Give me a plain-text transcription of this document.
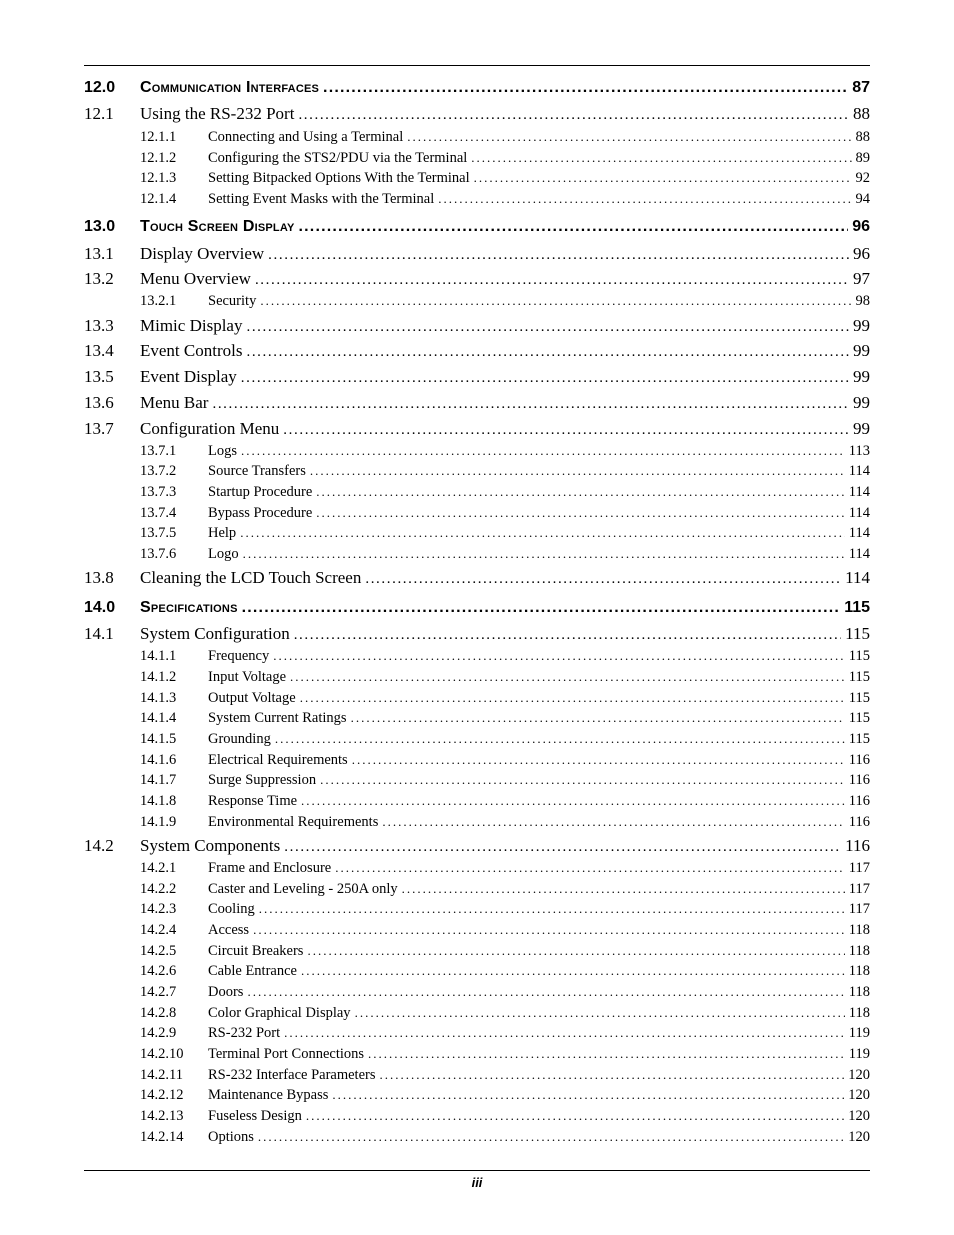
12.0	Communication Interfaces .....	87
12.1	Using the RS-232 Port .....	88
12.1.1	Connecting and Using a Terminal .....	88
12.1.2	Configuring the STS2/PDU via the Terminal .....	89
12.1.3	Setting Bitpacked Options With the Terminal .....	92
12.1.4	Setting Event Masks with the Terminal .....	94
13.0	Touch Screen Display .....	96
13.1	Display Overview .....	96
13.2	Menu Overview .....	97
13.2.1	Security .....	98
13.3	Mimic Display .....	99
13.4	Event Controls .....	99
13.5	Event Display .....	99
13.6	Menu Bar .....	99
13.7	Configuration Menu .....	99
13.7.1	Logs .....	113
13.7.2	Source Transfers .....	114
13.7.3	Startup Procedure .....	114
13.7.4	Bypass Procedure .....	114
13.7.5	Help .....	114
13.7.6	Logo .....	114
13.8	Cleaning the LCD Touch Screen .....	114
14.0	Specifications .....	115
14.1	System Configuration .....	115
14.1.1	Frequency .....	115
14.1.2	Input Voltage .....	115
14.1.3	Output Voltage .....	115
14.1.4	System Current Ratings .....	115
14.1.5	Grounding .....	115
14.1.6	Electrical Requirements .....	116
14.1.7	Surge Suppression .....	116
14.1.8	Response Time .....	116
14.1.9	Environmental Requirements .....	116
14.2	System Components .....	116
14.2.1	Frame and Enclosure .....	117
14.2.2	Caster and Leveling - 250A only .....	117
14.2.3	Cooling .....	117
14.2.4	Access .....	118
14.2.5	Circuit Breakers .....	118
14.2.6	Cable Entrance .....	118
14.2.7	Doors .....	118
14.2.8	Color Graphical Display .....	118
14.2.9	RS-232 Port .....	119
14.2.10	Terminal Port Connections .....	119
14.2.11	RS-232 Interface Parameters .....	120
14.2.12	Maintenance Bypass .....	120
14.2.13	Fuseless Design .....	120
14.2.14	Options .....	120
iii
